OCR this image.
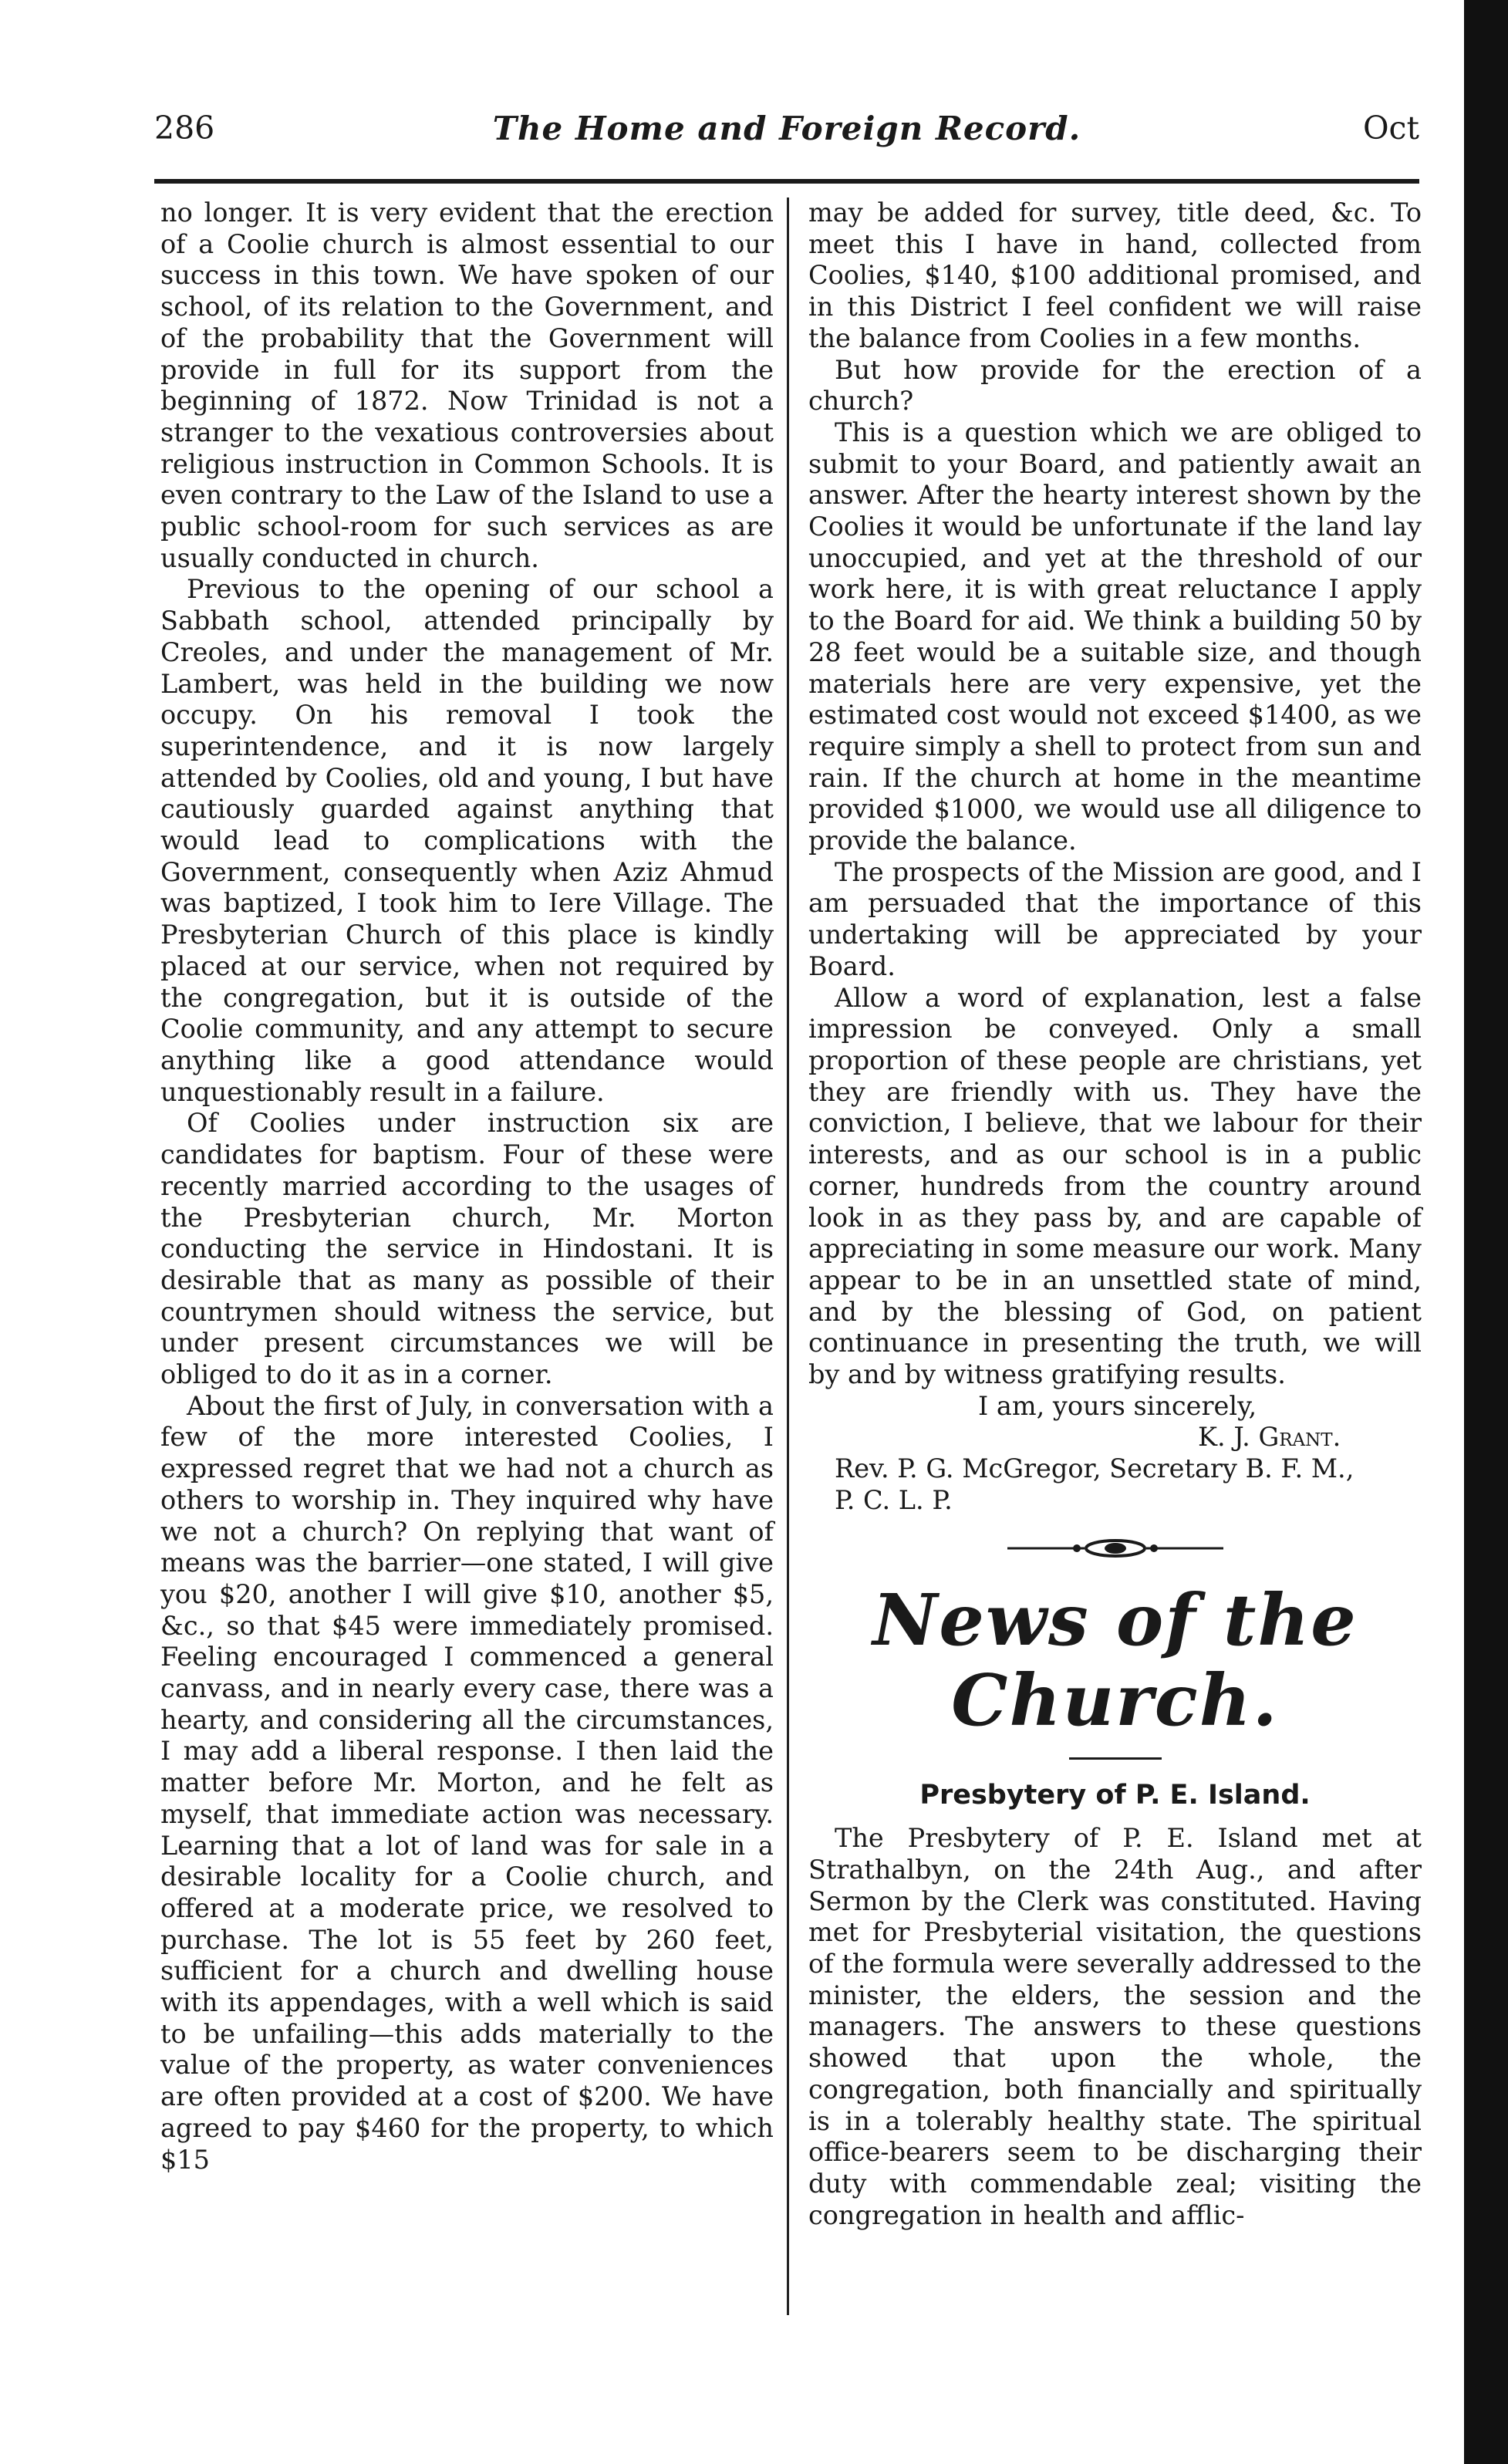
286	The Home and Foreign Record.	Oct

no longer. It is very evident that the erection of a Coolie church is almost essential to our success in this town. We have spoken of our school, of its relation to the Government, and of the probability that the Government will provide in full for its support from the beginning of 1872. Now Trinidad is not a stranger to the vexatious controversies about religious instruction in Common Schools. It is even contrary to the Law of the Island to use a public school-room for such services as are usually conducted in church.

Previous to the opening of our school a Sabbath school, attended principally by Creoles, and under the management of Mr. Lambert, was held in the building we now occupy. On his removal I took the superintendence, and it is now largely attended by Coolies, old and young, I but have cautiously guarded against anything that would lead to complications with the Government, consequently when Aziz Ahmud was baptized, I took him to Iere Village. The Presbyterian Church of this place is kindly placed at our service, when not required by the congregation, but it is outside of the Coolie community, and any attempt to secure anything like a good attendance would unquestionably result in a failure.

Of Coolies under instruction six are candidates for baptism. Four of these were recently married according to the usages of the Presbyterian church, Mr. Morton conducting the service in Hindostani. It is desirable that as many as possible of their countrymen should witness the service, but under present circumstances we will be obliged to do it as in a corner.

About the first of July, in conversation with a few of the more interested Coolies, I expressed regret that we had not a church as others to worship in. They inquired why have we not a church? On replying that want of means was the barrier—one stated, I will give you $20, another I will give $10, another $5, &c., so that $45 were immediately promised. Feeling encouraged I commenced a general canvass, and in nearly every case, there was a hearty, and considering all the circumstances, I may add a liberal response. I then laid the matter before Mr. Morton, and he felt as myself, that immediate action was necessary. Learning that a lot of land was for sale in a desirable locality for a Coolie church, and offered at a moderate price, we resolved to purchase. The lot is 55 feet by 260 feet, sufficient for a church and dwelling house with its appendages, with a well which is said to be unfailing—this adds materially to the value of the property, as water conveniences are often provided at a cost of $200. We have agreed to pay $460 for the property, to which $15

may be added for survey, title deed, &c. To meet this I have in hand, collected from Coolies, $140, $100 additional promised, and in this District I feel confident we will raise the balance from Coolies in a few months.

But how provide for the erection of a church?

This is a question which we are obliged to submit to your Board, and patiently await an answer. After the hearty interest shown by the Coolies it would be unfortunate if the land lay unoccupied, and yet at the threshold of our work here, it is with great reluctance I apply to the Board for aid. We think a building 50 by 28 feet would be a suitable size, and though materials here are very expensive, yet the estimated cost would not exceed $1400, as we require simply a shell to protect from sun and rain. If the church at home in the meantime provided $1000, we would use all diligence to provide the balance.

The prospects of the Mission are good, and I am persuaded that the importance of this undertaking will be appreciated by your Board.

Allow a word of explanation, lest a false impression be conveyed. Only a small proportion of these people are christians, yet they are friendly with us. They have the conviction, I believe, that we labour for their interests, and as our school is in a public corner, hundreds from the country around look in as they pass by, and are capable of appreciating in some measure our work. Many appear to be in an unsettled state of mind, and by the blessing of God, on patient continuance in presenting the truth, we will by and by witness gratifying results.

I am, yours sincerely,

K. J. Grant.

Rev. P. G. McGregor, Secretary B. F. M.,

P. C. L. P.

News of the Church.
Presbytery of P. E. Island.

The Presbytery of P. E. Island met at Strathalbyn, on the 24th Aug., and after Sermon by the Clerk was constituted. Having met for Presbyterial visitation, the questions of the formula were severally addressed to the minister, the elders, the session and the managers. The answers to these questions showed that upon the whole, the congregation, both financially and spiritually is in a tolerably healthy state. The spiritual office-bearers seem to be discharging their duty with commendable zeal; visiting the congregation in health and afflic-
